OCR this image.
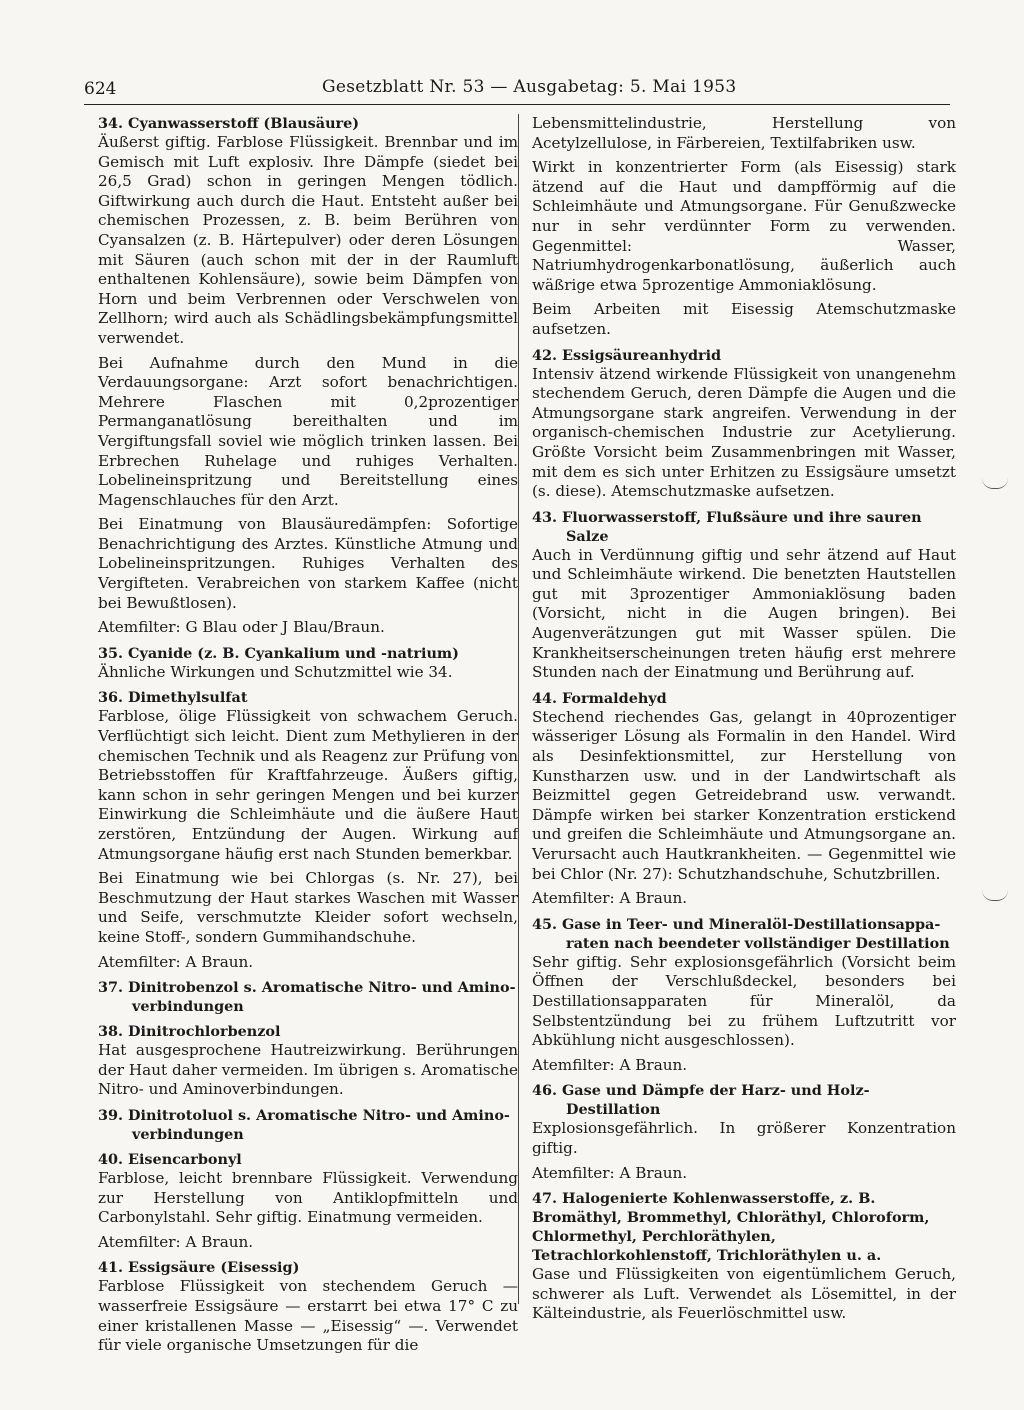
624	Gesetzblatt Nr. 53 — Ausgabetag: 5. Mai 1953
34. Cyanwasserstoff (Blausäure)
Äußerst giftig. Farblose Flüssigkeit. Brennbar und im Gemisch mit Luft explosiv. Ihre Dämpfe (siedet bei 26,5 Grad) schon in geringen Mengen tödlich. Giftwirkung auch durch die Haut. Entsteht außer bei chemischen Prozessen, z. B. beim Berühren von Cyansalzen (z. B. Härtepulver) oder deren Lösungen mit Säuren (auch schon mit der in der Raumluft enthaltenen Kohlensäure), sowie beim Dämpfen von Horn und beim Verbrennen oder Verschwelen von Zellhorn; wird auch als Schädlingsbekämpfungsmittel verwendet.
Bei Aufnahme durch den Mund in die Verdauungsorgane: Arzt sofort benachrichtigen. Mehrere Flaschen mit 0,2prozentiger Permanganatlösung bereithalten und im Vergiftungsfall soviel wie möglich trinken lassen. Bei Erbrechen Ruhelage und ruhiges Verhalten. Lobelineinspritzung und Bereitstellung eines Magenschlauches für den Arzt.
Bei Einatmung von Blausäuredämpfen: Sofortige Benachrichtigung des Arztes. Künstliche Atmung und Lobelineinspritzungen. Ruhiges Verhalten des Vergifteten. Verabreichen von starkem Kaffee (nicht bei Bewußtlosen).
Atemfilter: G Blau oder J Blau/Braun.
35. Cyanide (z. B. Cyankalium und -natrium)
Ähnliche Wirkungen und Schutzmittel wie 34.
36. Dimethylsulfat
Farblose, ölige Flüssigkeit von schwachem Geruch. Verflüchtigt sich leicht. Dient zum Methylieren in der chemischen Technik und als Reagenz zur Prüfung von Betriebsstoffen für Kraftfahrzeuge. Äußers giftig, kann schon in sehr geringen Mengen und bei kurzer Einwirkung die Schleimhäute und die äußere Haut zerstören, Entzündung der Augen. Wirkung auf Atmungsorgane häufig erst nach Stunden bemerkbar.
Bei Einatmung wie bei Chlorgas (s. Nr. 27), bei Beschmutzung der Haut starkes Waschen mit Wasser und Seife, verschmutzte Kleider sofort wechseln, keine Stoff-, sondern Gummihandschuhe.
Atemfilter: A Braun.
37. Dinitrobenzol s. Aromatische Nitro- und Amino-
verbindungen
38. Dinitrochlorbenzol
Hat ausgesprochene Hautreizwirkung. Berührungen der Haut daher vermeiden. Im übrigen s. Aromatische Nitro- und Aminoverbindungen.
39. Dinitrotoluol s. Aromatische Nitro- und Amino-
verbindungen
40. Eisencarbonyl
Farblose, leicht brennbare Flüssigkeit. Verwendung zur Herstellung von Antiklopfmitteln und Carbonylstahl. Sehr giftig. Einatmung vermeiden.
Atemfilter: A Braun.
41. Essigsäure (Eisessig)
Farblose Flüssigkeit von stechendem Geruch — wasserfreie Essigsäure — erstarrt bei etwa 17° C zu einer kristallenen Masse — „Eisessig“ —. Verwendet für viele organische Umsetzungen für die
Lebensmittelindustrie, Herstellung von Acetylzellulose, in Färbereien, Textilfabriken usw.
Wirkt in konzentrierter Form (als Eisessig) stark ätzend auf die Haut und dampfförmig auf die Schleimhäute und Atmungsorgane. Für Genußzwecke nur in sehr verdünnter Form zu verwenden. Gegenmittel: Wasser, Natriumhydrogenkarbonatlösung, äußerlich auch wäßrige etwa 5prozentige Ammoniaklösung.
Beim Arbeiten mit Eisessig Atemschutzmaske aufsetzen.
42. Essigsäureanhydrid
Intensiv ätzend wirkende Flüssigkeit von unangenehm stechendem Geruch, deren Dämpfe die Augen und die Atmungsorgane stark angreifen. Verwendung in der organisch-chemischen Industrie zur Acetylierung. Größte Vorsicht beim Zusammenbringen mit Wasser, mit dem es sich unter Erhitzen zu Essigsäure umsetzt (s. diese). Atemschutzmaske aufsetzen.
43. Fluorwasserstoff, Flußsäure und ihre sauren
Salze
Auch in Verdünnung giftig und sehr ätzend auf Haut und Schleimhäute wirkend. Die benetzten Hautstellen gut mit 3prozentiger Ammoniaklösung baden (Vorsicht, nicht in die Augen bringen). Bei Augenverätzungen gut mit Wasser spülen. Die Krankheitserscheinungen treten häufig erst mehrere Stunden nach der Einatmung und Berührung auf.
44. Formaldehyd
Stechend riechendes Gas, gelangt in 40prozentiger wässeriger Lösung als Formalin in den Handel. Wird als Desinfektionsmittel, zur Herstellung von Kunstharzen usw. und in der Landwirtschaft als Beizmittel gegen Getreidebrand usw. verwandt. Dämpfe wirken bei starker Konzentration erstickend und greifen die Schleimhäute und Atmungsorgane an. Verursacht auch Hautkrankheiten. — Gegenmittel wie bei Chlor (Nr. 27): Schutzhandschuhe, Schutzbrillen.
Atemfilter: A Braun.
45. Gase in Teer- und Mineralöl-Destillationsappa-
raten nach beendeter vollständiger Destillation
Sehr giftig. Sehr explosionsgefährlich (Vorsicht beim Öffnen der Verschlußdeckel, besonders bei Destillationsapparaten für Mineralöl, da Selbstentzündung bei zu frühem Luftzutritt vor Abkühlung nicht ausgeschlossen).
Atemfilter: A Braun.
46. Gase und Dämpfe der Harz- und Holz-
Destillation
Explosionsgefährlich. In größerer Konzentration giftig.
Atemfilter: A Braun.
47. Halogenierte Kohlenwasserstoffe, z. B. Bromäthyl, Brommethyl, Chloräthyl, Chloroform, Chlormethyl, Perchloräthylen, Tetrachlorkohlenstoff, Trichloräthylen u. a.
Gase und Flüssigkeiten von eigentümlichem Geruch, schwerer als Luft. Verwendet als Lösemittel, in der Kälteindustrie, als Feuerlöschmittel usw.
